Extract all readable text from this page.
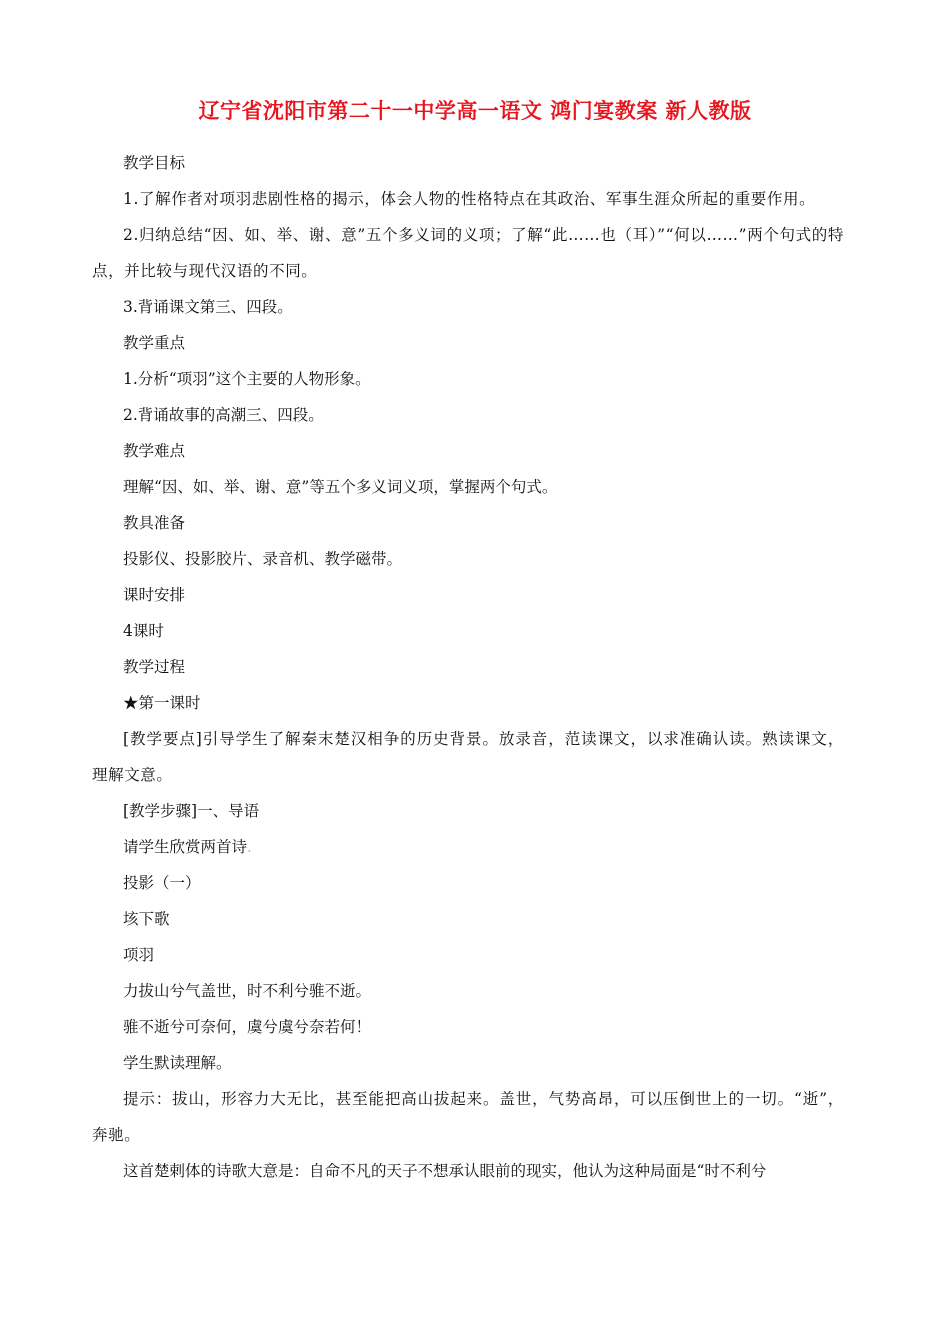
辽宁省沈阳市第二十一中学高一语文 鸿门宴教案 新人教版

教学目标

1.了解作者对项羽悲剧性格的揭示，体会人物的性格特点在其政治、军事生涯众所起的重要作用。

2.归纳总结“因、如、举、谢、意”五个多义词的义项；了解“此……也（耳）”“何以……”两个句式的特点，并比较与现代汉语的不同。

3.背诵课文第三、四段。

教学重点

1.分析“项羽”这个主要的人物形象。

2.背诵故事的高潮三、四段。

教学难点

理解“因、如、举、谢、意”等五个多义词义项，掌握两个句式。

教具准备

投影仪、投影胶片、录音机、教学磁带。

课时安排

4课时

教学过程

★第一课时

[教学要点]引导学生了解秦末楚汉相争的历史背景。放录音，范读课文，以求准确认读。熟读课文，理解文意。

[教学步骤]一、导语

请学生欣赏两首诗.

投影（一）

垓下歌

项羽

力拔山兮气盖世，时不利兮骓不逝。

骓不逝兮可奈何，虞兮虞兮奈若何！

学生默读理解。

提示：拔山，形容力大无比，甚至能把高山拔起来。盖世，气势高昂，可以压倒世上的一切。“逝”，奔驰。

这首楚剌体的诗歌大意是：自命不凡的天子不想承认眼前的现实，他认为这种局面是“时不利兮
